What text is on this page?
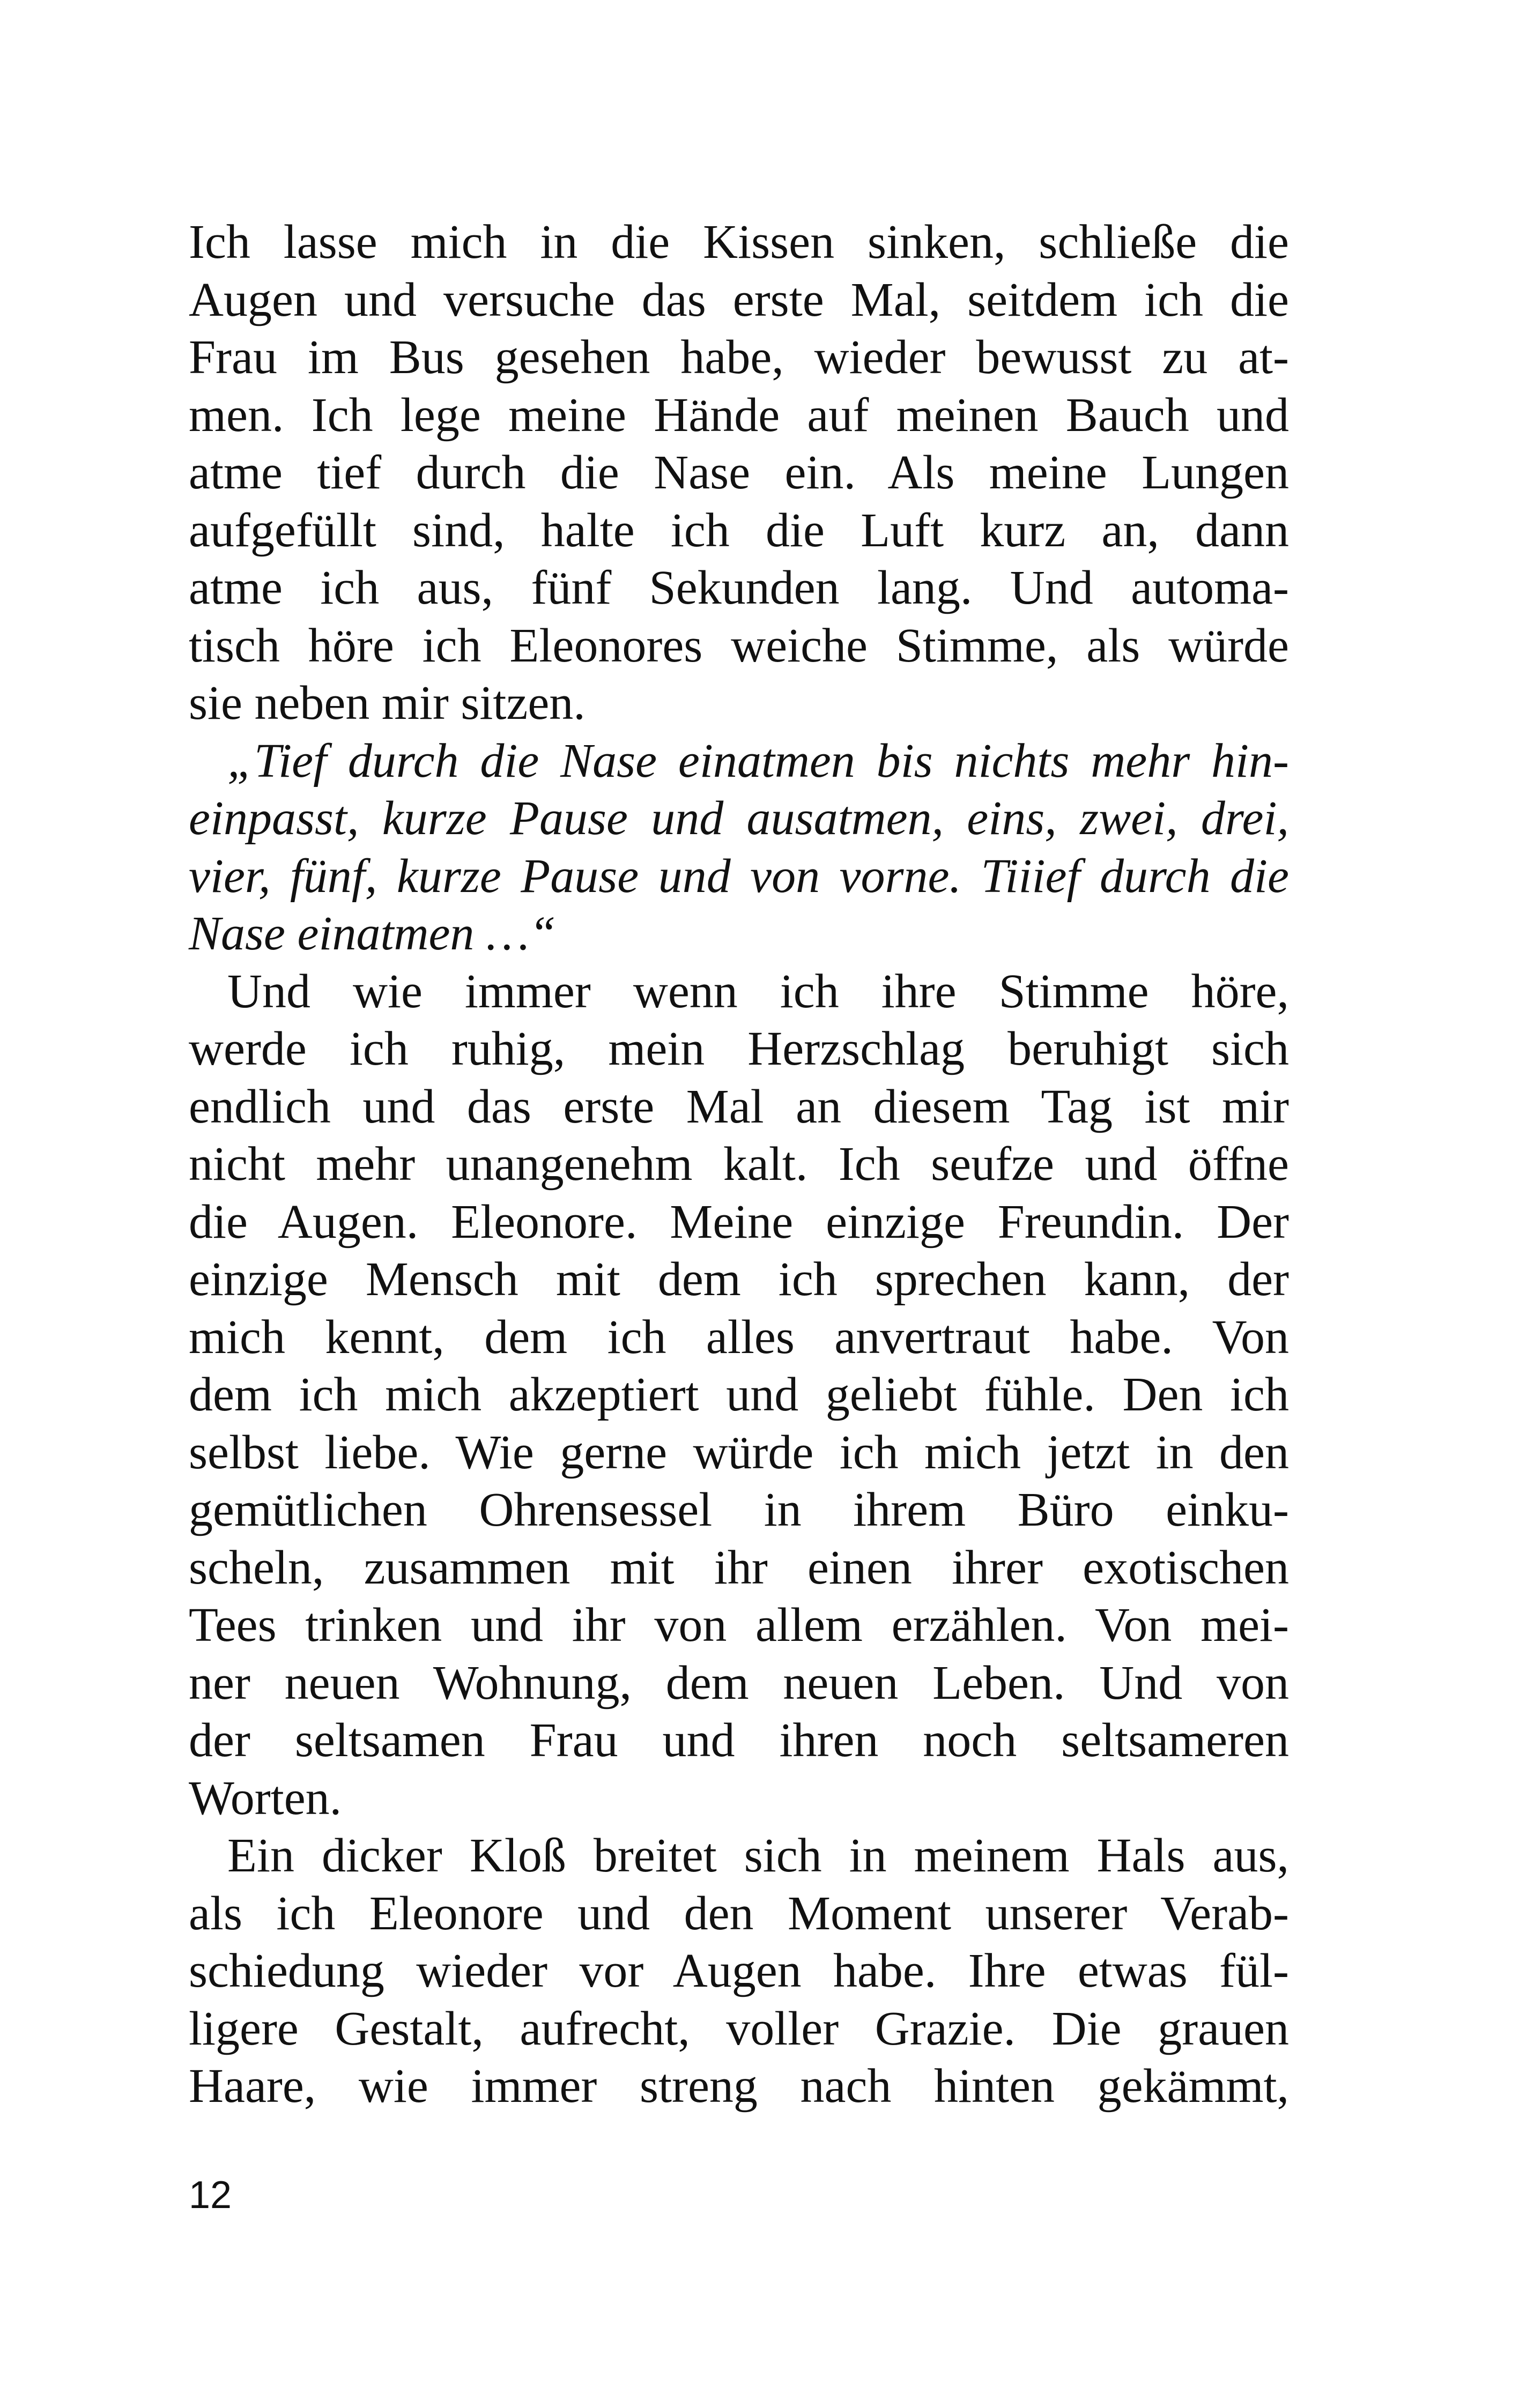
Ich lasse mich in die Kissen sinken, schließe die
Augen und versuche das erste Mal, seitdem ich die
Frau im Bus gesehen habe, wieder bewusst zu at-
men. Ich lege meine Hände auf meinen Bauch und
atme tief durch die Nase ein. Als meine Lungen
aufgefüllt sind, halte ich die Luft kurz an, dann
atme ich aus, fünf Sekunden lang. Und automa-
tisch höre ich Eleonores weiche Stimme, als würde
sie neben mir sitzen.
„Tief durch die Nase einatmen bis nichts mehr hin-
einpasst, kurze Pause und ausatmen, eins, zwei, drei,
vier, fünf, kurze Pause und von vorne. Tiiief durch die
Nase einatmen …“
Und wie immer wenn ich ihre Stimme höre,
werde ich ruhig, mein Herzschlag beruhigt sich
endlich und das erste Mal an diesem Tag ist mir
nicht mehr unangenehm kalt. Ich seufze und öffne
die Augen. Eleonore. Meine einzige Freundin. Der
einzige Mensch mit dem ich sprechen kann, der
mich kennt, dem ich alles anvertraut habe. Von
dem ich mich akzeptiert und geliebt fühle. Den ich
selbst liebe. Wie gerne würde ich mich jetzt in den
gemütlichen Ohrensessel in ihrem Büro einku-
scheln, zusammen mit ihr einen ihrer exotischen
Tees trinken und ihr von allem erzählen. Von mei-
ner neuen Wohnung, dem neuen Leben. Und von
der seltsamen Frau und ihren noch seltsameren
Worten.
Ein dicker Kloß breitet sich in meinem Hals aus,
als ich Eleonore und den Moment unserer Verab-
schiedung wieder vor Augen habe. Ihre etwas fül-
ligere Gestalt, aufrecht, voller Grazie. Die grauen
Haare, wie immer streng nach hinten gekämmt,
12
